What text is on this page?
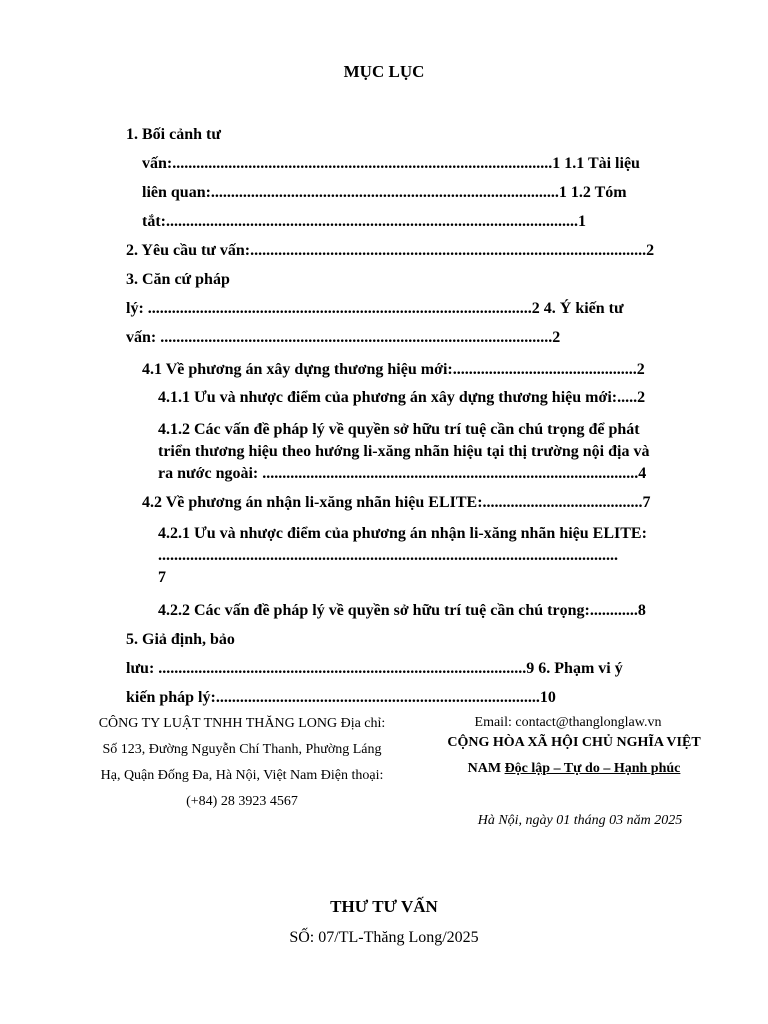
MỤC LỤC
1. Bối cảnh tư
vấn:...............................................................................................1 1.1 Tài liệu
liên quan:.......................................................................................1 1.2 Tóm
tắt:.......................................................................................................1
2. Yêu cầu tư vấn:...................................................................................................2
3. Căn cứ pháp
lý: ................................................................................................2 4. Ý kiến tư
vấn: ..................................................................................................2
4.1 Về phương án xây dựng thương hiệu mới:..............................................2
4.1.1 Ưu và nhược điểm của phương án xây dựng thương hiệu mới:.....2
4.1.2 Các vấn đề pháp lý về quyền sở hữu trí tuệ cần chú trọng để phát
triển thương hiệu theo hướng li-xăng nhãn hiệu tại thị trường nội địa và
ra nước ngoài: ..............................................................................................4
4.2 Về phương án nhận li-xăng nhãn hiệu ELITE:........................................7
4.2.1 Ưu và nhược điểm của phương án nhận li-xăng nhãn hiệu ELITE:
...................................................................................................................
7
4.2.2 Các vấn đề pháp lý về quyền sở hữu trí tuệ cần chú trọng:............8
5. Giả định, bảo
lưu: ............................................................................................9 6. Phạm vi ý
kiến pháp lý:.................................................................................10
CÔNG TY LUẬT TNHH THĂNG LONG Địa chỉ:
Số 123, Đường Nguyễn Chí Thanh, Phường Láng
Hạ, Quận Đống Đa, Hà Nội, Việt Nam Điện thoại:
(+84) 28 3923 4567
Email: contact@thanglonglaw.vn
CỘNG HÒA XÃ HỘI CHỦ NGHĨA VIỆT
NAM Độc lập – Tự do – Hạnh phúc
Hà Nội, ngày 01 tháng 03 năm 2025
THƯ TƯ VẤN
SỐ: 07/TL-Thăng Long/2025
